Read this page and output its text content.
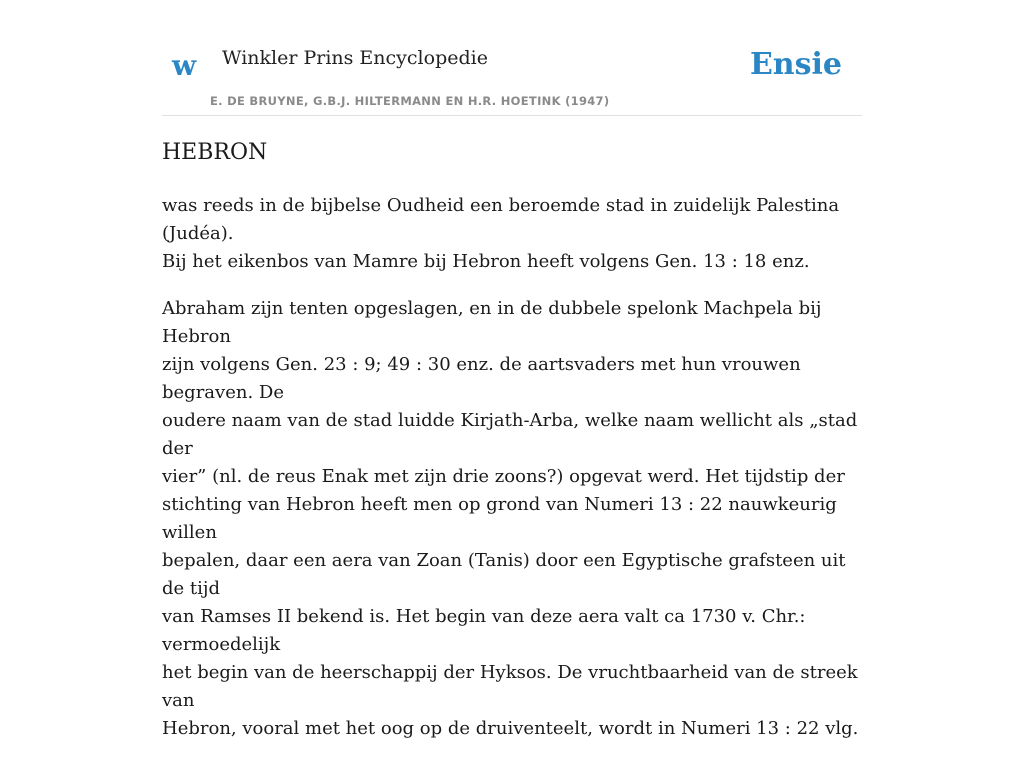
w Winkler Prins Encyclopedie
E. DE BRUYNE, G.B.J. HILTERMANN EN H.R. HOETINK (1947)
Ensie
HEBRON

was reeds in de bijbelse Oudheid een beroemde stad in zuidelijk Palestina (Judéa).
Bij het eikenbos van Mamre bij Hebron heeft volgens Gen. 13 : 18 enz.

Abraham zijn tenten opgeslagen, en in de dubbele spelonk Machpela bij Hebron
zijn volgens Gen. 23 : 9; 49 : 30 enz. de aartsvaders met hun vrouwen begraven. De
oudere naam van de stad luidde Kirjath-Arba, welke naam wellicht als „stad der
vier” (nl. de reus Enak met zijn drie zoons?) opgevat werd. Het tijdstip der
stichting van Hebron heeft men op grond van Numeri 13 : 22 nauwkeurig willen
bepalen, daar een aera van Zoan (Tanis) door een Egyptische grafsteen uit de tijd
van Ramses II bekend is. Het begin van deze aera valt ca 1730 v. Chr.: vermoedelijk
het begin van de heerschappij der Hyksos. De vruchtbaarheid van de streek van
Hebron, vooral met het oog op de druiventeelt, wordt in Numeri 13 : 22 vlg.
